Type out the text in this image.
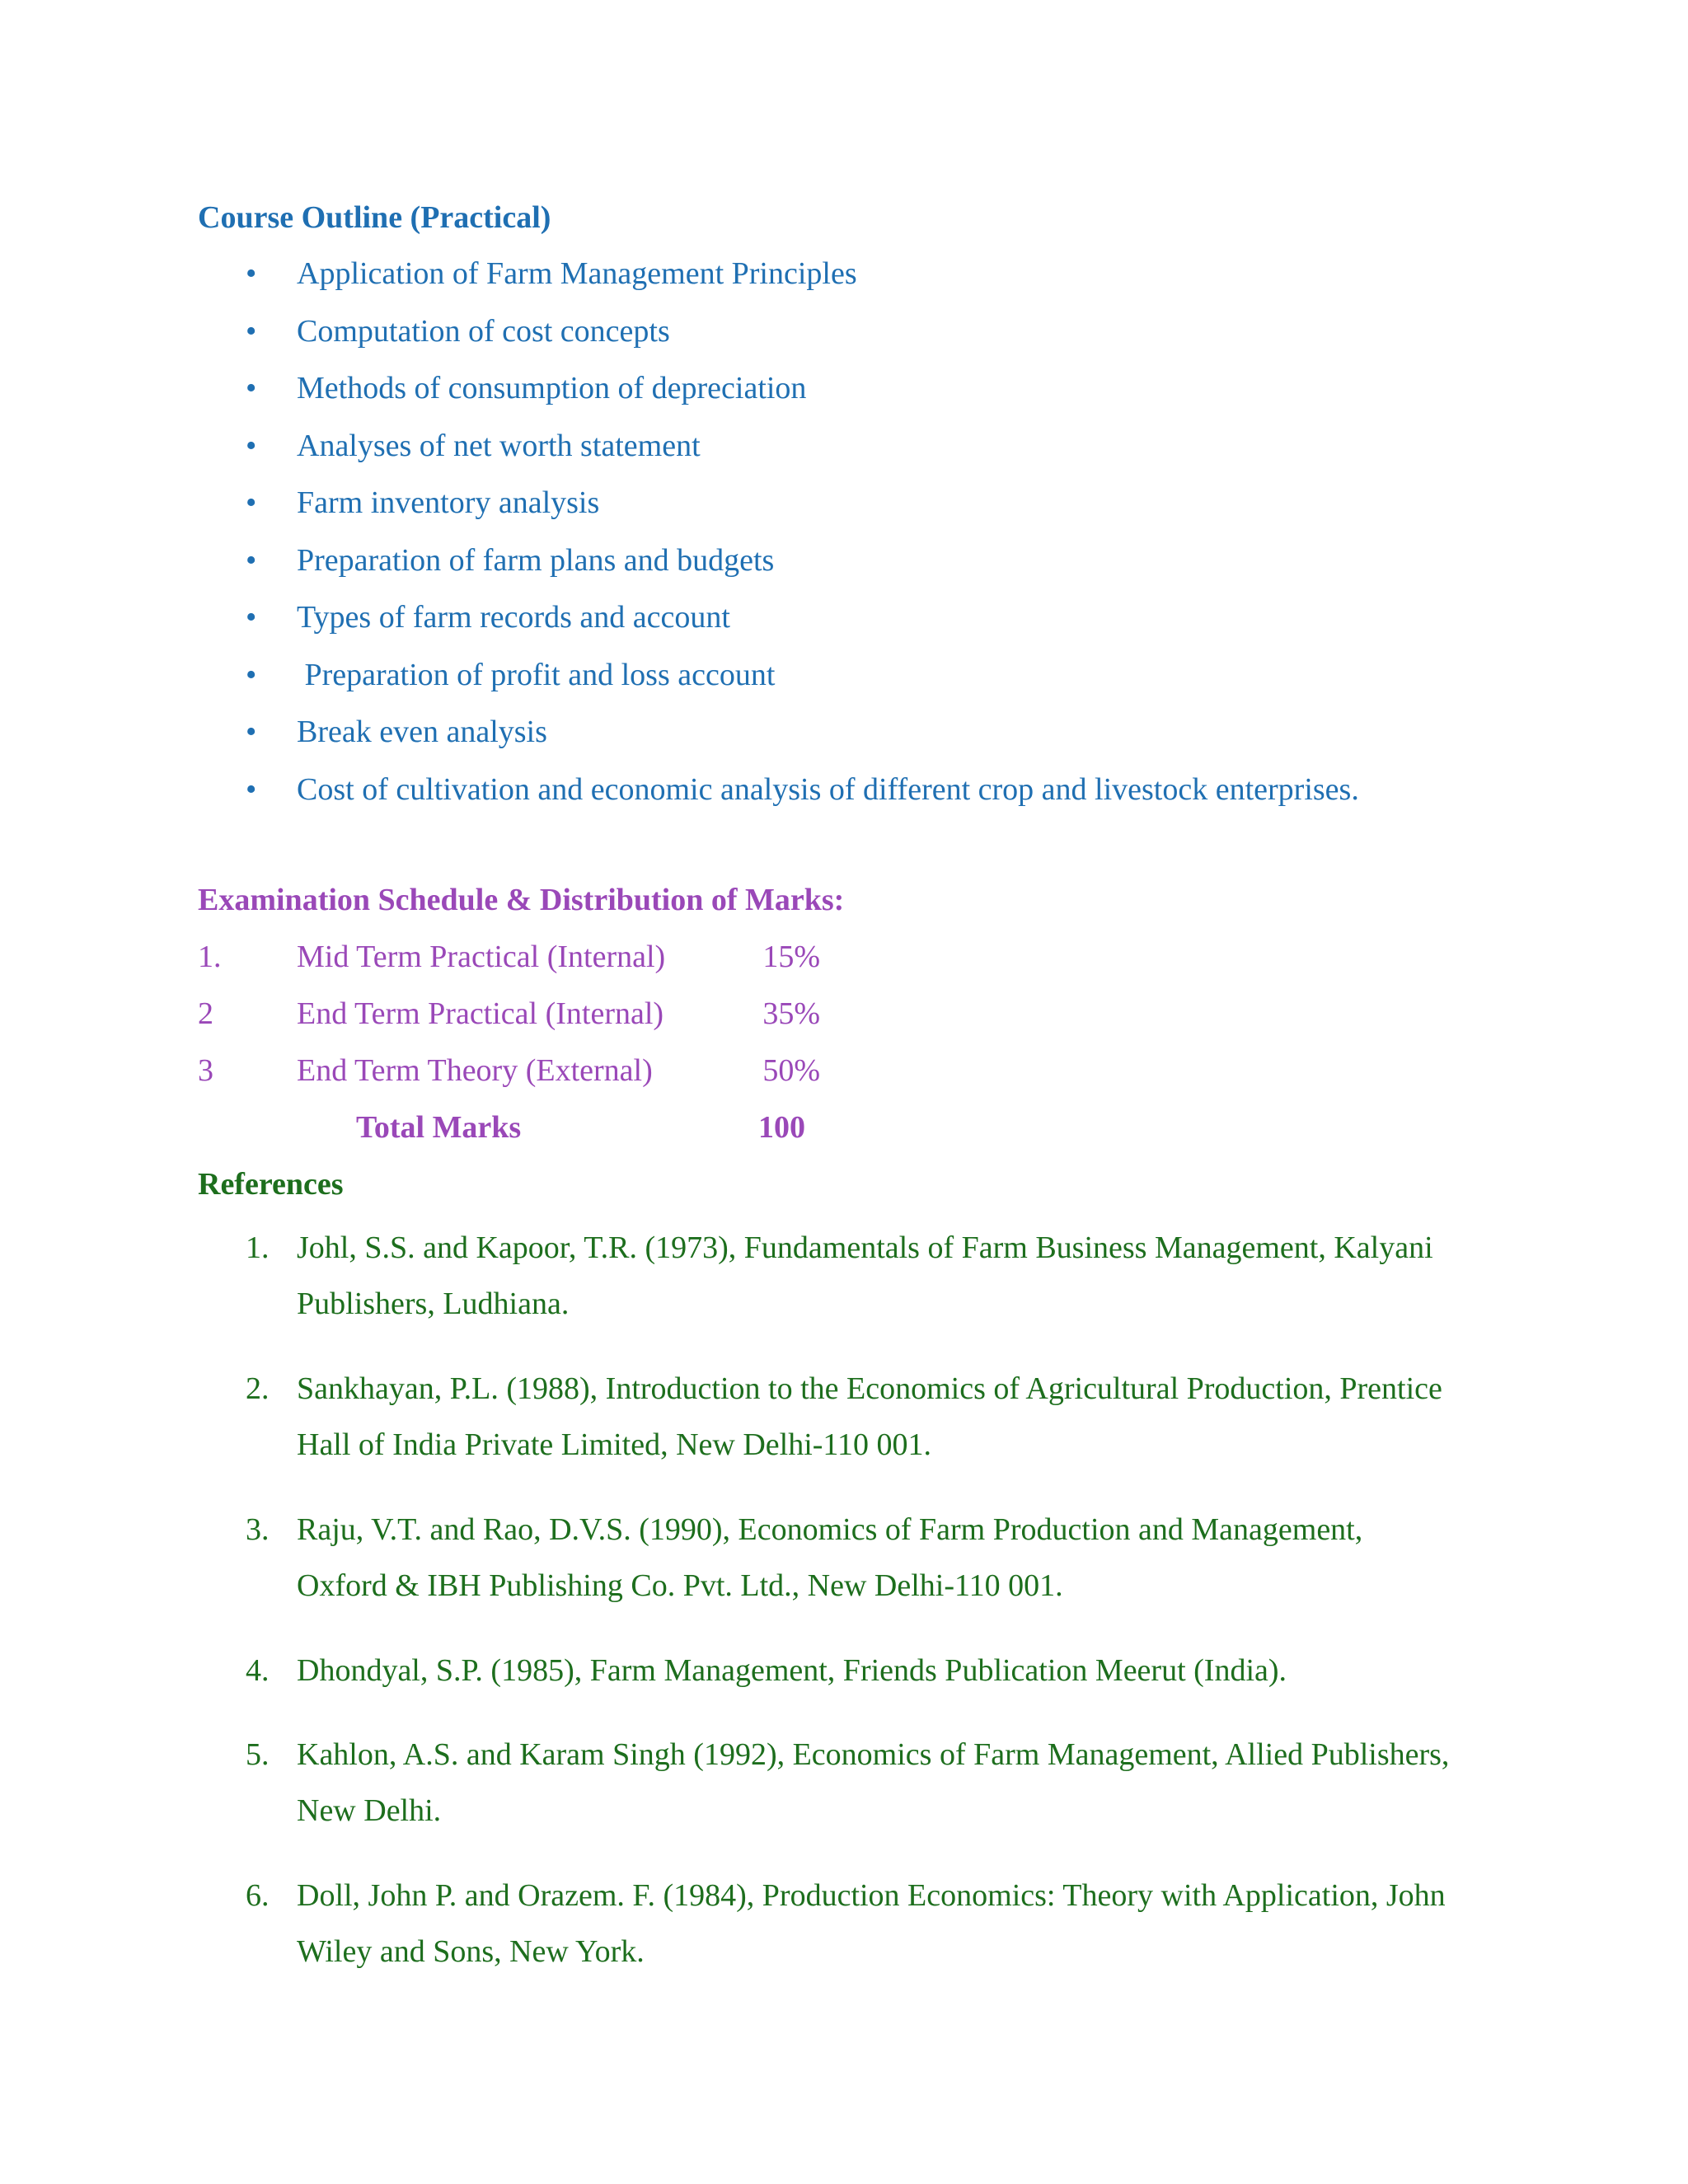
Course Outline (Practical)
• Application of Farm Management Principles
• Computation of cost concepts
• Methods of consumption of depreciation
• Analyses of net worth statement
• Farm inventory analysis
• Preparation of farm plans and budgets
• Types of farm records and account
• Preparation of profit and loss account
• Break even analysis
• Cost of cultivation and economic analysis of different crop and livestock enterprises.
Examination Schedule & Distribution of Marks:
1. Mid Term Practical (Internal)	15%
2	End Term Practical (Internal)	35%
3	End Term Theory (External)	50%
Total Marks	100
References
1. Johl, S.S. and Kapoor, T.R. (1973), Fundamentals of Farm Business Management, Kalyani Publishers, Ludhiana.
2. Sankhayan, P.L. (1988), Introduction to the Economics of Agricultural Production, Prentice Hall of India Private Limited, New Delhi-110 001.
3. Raju, V.T. and Rao, D.V.S. (1990), Economics of Farm Production and Management, Oxford & IBH Publishing Co. Pvt. Ltd., New Delhi-110 001.
4. Dhondyal, S.P. (1985), Farm Management, Friends Publication Meerut (India).
5. Kahlon, A.S. and Karam Singh (1992), Economics of Farm Management, Allied Publishers, New Delhi.
6. Doll, John P. and Orazem. F. (1984), Production Economics: Theory with Application, John Wiley and Sons, New York.
